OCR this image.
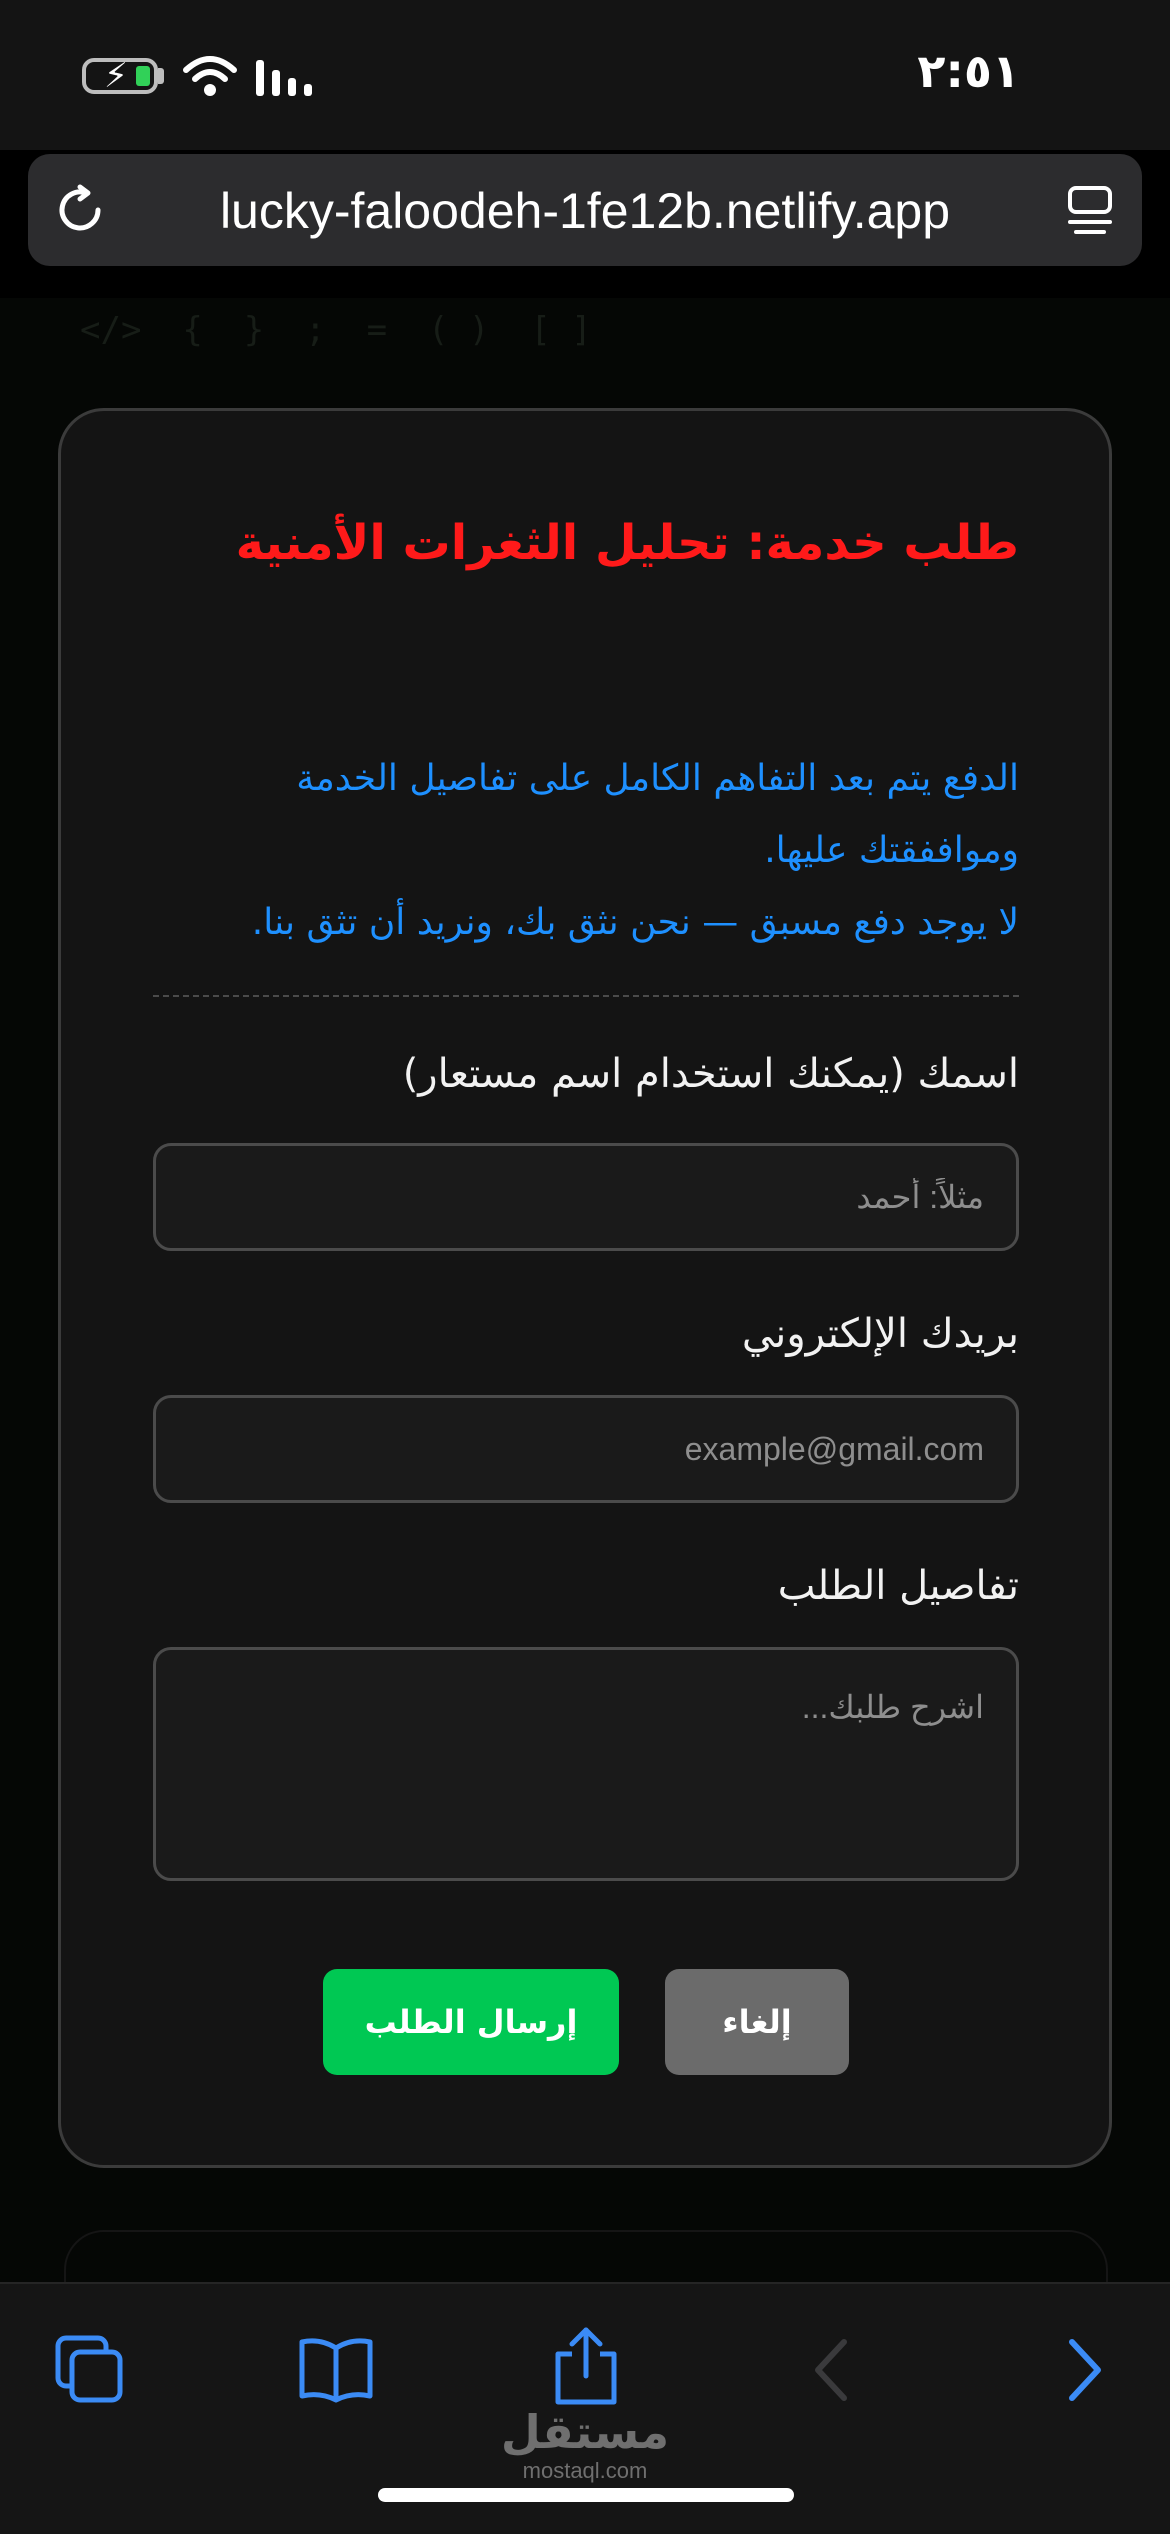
⚡	٢:٥١
lucky-faloodeh-1fe12b.netlify.app
</>  {  }  ;  =  ( )  [ ]
طلب خدمة: تحليل الثغرات الأمنية

الدفع يتم بعد التفاهم الكامل على تفاصيل الخدمة ومواففقتك عليها.

لا يوجد دفع مسبق — نحن نثق بك، ونريد أن تثق بنا.

اسمك (يمكنك استخدام اسم مستعار)
مثلاً: أحمد
بريدك الإلكتروني
example@gmail.com
تفاصيل الطلب
اشرح طلبك...
إرسال الطلب	إلغاء
مستقل
mostaql.com
